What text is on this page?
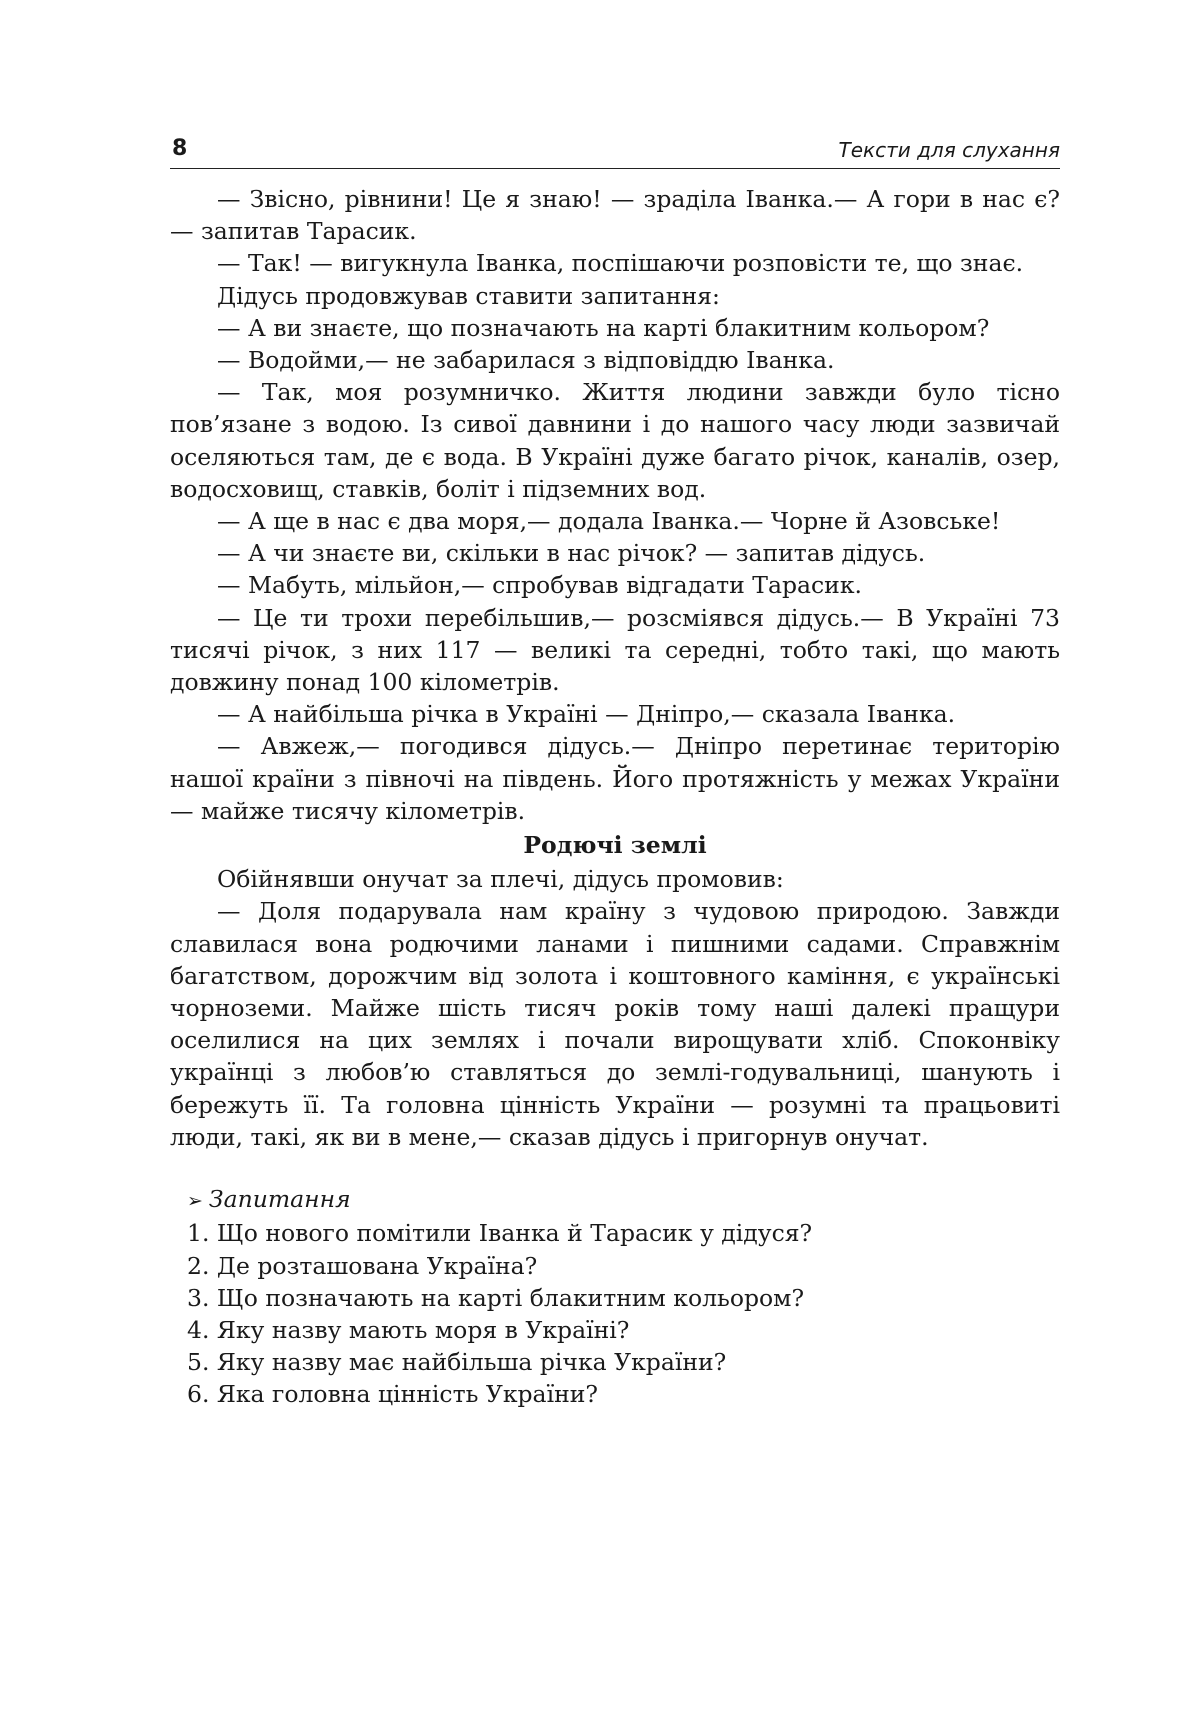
8	Тексти для слухання

— Звісно, рівнини! Це я знаю! — зраділа Іванка.— А гори в нас є? — запитав Тарасик.

— Так! — вигукнула Іванка, поспішаючи розповісти те, що знає.

Дідусь продовжував ставити запитання:

— А ви знаєте, що позначають на карті блакитним кольором?

— Водойми,— не забарилася з відповіддю Іванка.

— Так, моя розумничко. Життя людини завжди було тісно пов’язане з водою. Із сивої давнини і до нашого часу люди зазвичай оселяються там, де є вода. В Україні дуже багато річок, каналів, озер, водосховищ, ставків, боліт і підземних вод.

— А ще в нас є два моря,— додала Іванка.— Чорне й Азовське!

— А чи знаєте ви, скільки в нас річок? — запитав дідусь.

— Мабуть, мільйон,— спробував відгадати Тарасик.

— Це ти трохи перебільшив,— розсміявся дідусь.— В Україні 73 тисячі річок, з них 117 — великі та середні, тобто такі, що мають довжину понад 100 кілометрів.

— А найбільша річка в Україні — Дніпро,— сказала Іванка.

— Авжеж,— погодився дідусь.— Дніпро перетинає територію нашої країни з півночі на південь. Його протяжність у межах України — майже тисячу кілометрів.

Родючі землі

Обійнявши онучат за плечі, дідусь промовив:

— Доля подарувала нам країну з чудовою природою. Завжди славилася вона родючими ланами і пишними садами. Справжнім багатством, дорожчим від золота і коштовного каміння, є українські чорноземи. Майже шість тисяч років тому наші далекі пращури оселилися на цих землях і почали вирощувати хліб. Споконвіку українці з любов’ю ставляться до землі-годувальниці, шанують і бережуть її. Та головна цінність України — розумні та працьовиті люди, такі, як ви в мене,— сказав дідусь і пригорнув онучат.

➢ Запитання

1. Що нового помітили Іванка й Тарасик у дідуся?

2. Де розташована Україна?

3. Що позначають на карті блакитним кольором?

4. Яку назву мають моря в Україні?

5. Яку назву має найбільша річка України?

6. Яка головна цінність України?
